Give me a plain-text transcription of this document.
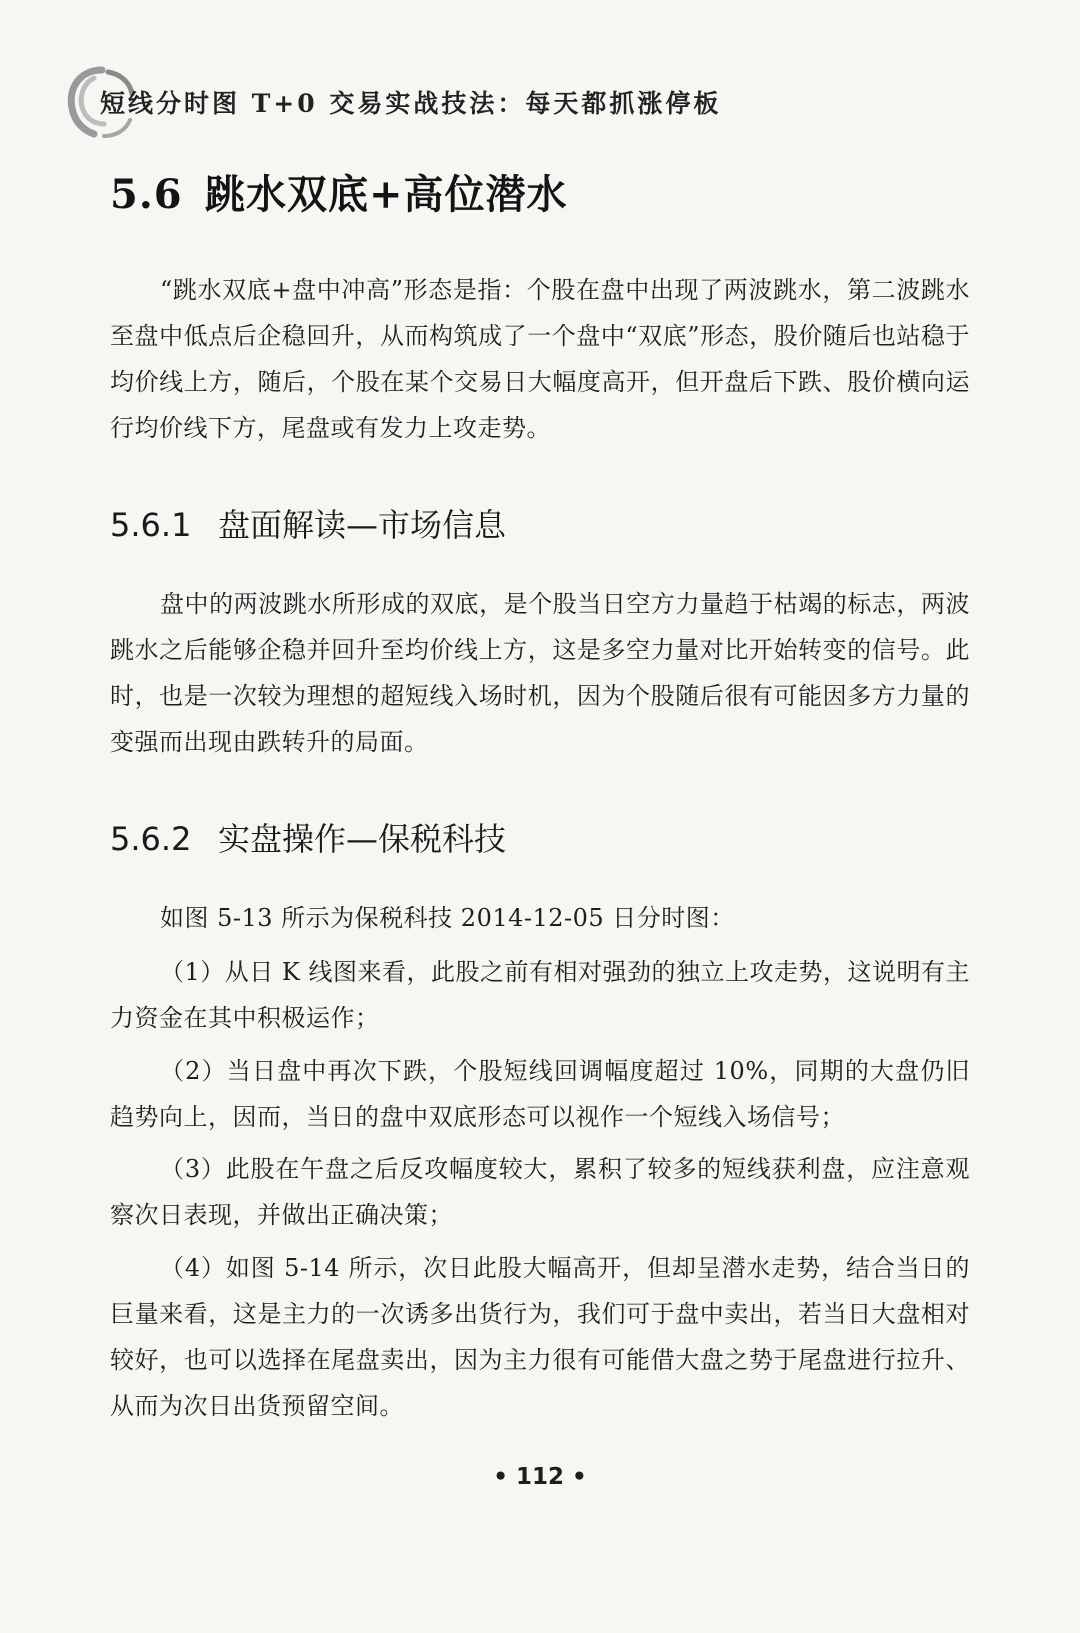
短线分时图 T+0 交易实战技法：每天都抓涨停板
5.6 跳水双底+高位潜水

“跳水双底+盘中冲高”形态是指：个股在盘中出现了两波跳水，第二波跳水至盘中低点后企稳回升，从而构筑成了一个盘中“双底”形态，股价随后也站稳于均价线上方，随后，个股在某个交易日大幅度高开，但开盘后下跌、股价横向运行均价线下方，尾盘或有发力上攻走势。

5.6.1 盘面解读—市场信息

盘中的两波跳水所形成的双底，是个股当日空方力量趋于枯竭的标志，两波跳水之后能够企稳并回升至均价线上方，这是多空力量对比开始转变的信号。此时，也是一次较为理想的超短线入场时机，因为个股随后很有可能因多方力量的变强而出现由跌转升的局面。

5.6.2 实盘操作—保税科技

如图 5-13 所示为保税科技 2014-12-05 日分时图：

（1）从日 K 线图来看，此股之前有相对强劲的独立上攻走势，这说明有主力资金在其中积极运作；

（2）当日盘中再次下跌，个股短线回调幅度超过 10%，同期的大盘仍旧趋势向上，因而，当日的盘中双底形态可以视作一个短线入场信号；

（3）此股在午盘之后反攻幅度较大，累积了较多的短线获利盘，应注意观察次日表现，并做出正确决策；

（4）如图 5-14 所示，次日此股大幅高开，但却呈潜水走势，结合当日的巨量来看，这是主力的一次诱多出货行为，我们可于盘中卖出，若当日大盘相对较好，也可以选择在尾盘卖出，因为主力很有可能借大盘之势于尾盘进行拉升、从而为次日出货预留空间。

• 112 •
